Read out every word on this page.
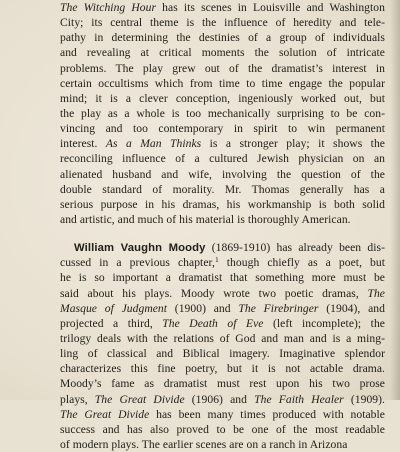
The Witching Hour has its scenes in Louisville and Washington
City; its central theme is the influence of heredity and tele-
pathy in determining the destinies of a group of individuals
and revealing at critical moments the solution of intricate
problems. The play grew out of the dramatist’s interest in
certain occultisms which from time to time engage the popular
mind; it is a clever conception, ingeniously worked out, but
the play as a whole is too mechanically surprising to be con-
vincing and too contemporary in spirit to win permanent
interest. As a Man Thinks is a stronger play; it shows the
reconciling influence of a cultured Jewish physician on an
alienated husband and wife, involving the question of the
double standard of morality. Mr. Thomas generally has a
serious purpose in his dramas, his workmanship is both solid
and artistic, and much of his material is thoroughly American.
William Vaughn Moody (1869-1910) has already been dis-
cussed in a previous chapter,$^1$ though chiefly as a poet, but
he is so important a dramatist that something more must be
said about his plays. Moody wrote two poetic dramas, The
Masque of Judgment (1900) and The Firebringer (1904), and
projected a third, The Death of Eve (left incomplete); the
trilogy deals with the relations of God and man and is a ming-
ling of classical and Biblical imagery. Imaginative splendor
characterizes this fine poetry, but it is not actable drama.
Moody’s fame as dramatist must rest upon his two prose
plays, The Great Divide (1906) and The Faith Healer (1909).
The Great Divide has been many times produced with notable
success and has also proved to be one of the most readable
of modern plays. The earlier scenes are on a ranch in Arizona
